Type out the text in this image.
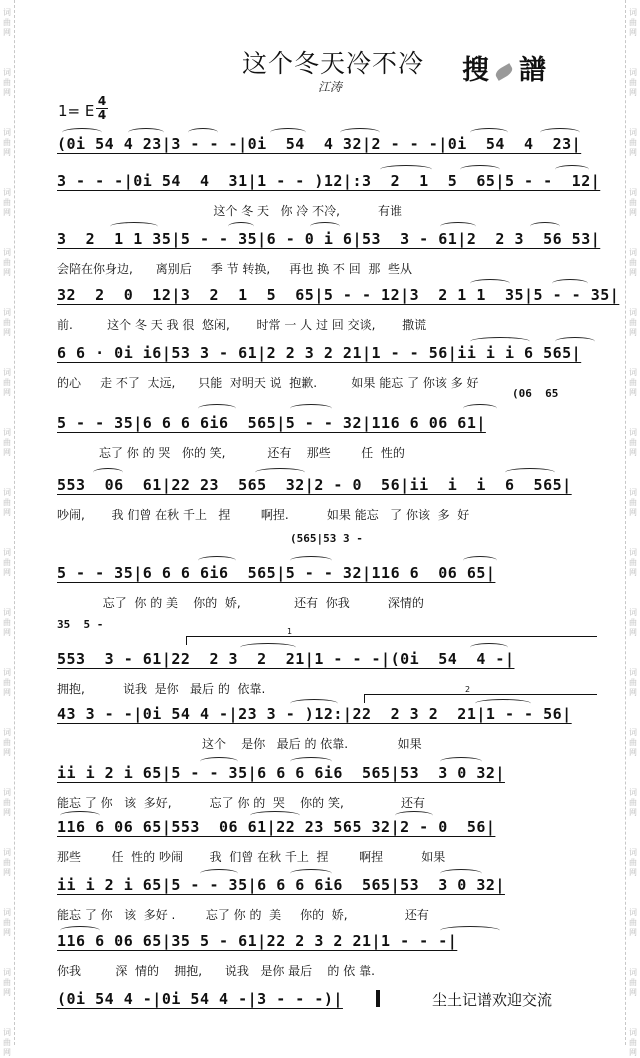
词
曲
网
词
曲
网
词
曲
网
词
曲
网
词
曲
网
词
曲
网
词
曲
网
词
曲
网
词
曲
网
词
曲
网
词
曲
网
词
曲
网
词
曲
网
词
曲
网
词
曲
网
词
曲
网
词
曲
网
词
曲
网
词
曲
网
词
曲
网
词
曲
网
词
曲
网
词
曲
网
词
曲
网
词
曲
网
词
曲
网
词
曲
网
词
曲
网
词
曲
网
词
曲
网
词
曲
网
词
曲
网
词
曲
网
词
曲
网
词
曲
网
词
曲
网
这个冬天冷不冷 搜 譜
江涛
1= E
4
4
(0i 54 4 23|3 - - -|0i  54  4 32|2 - - -|0i  54  4  23|
3 - - -|0i 54  4  31|1 - - )12|:3  2  1  5  65|5 - -  12|
这个 冬 天   你 冷 不冷,          有谁
3  2  1 1 35|5 - - 35|6 - 0 i 6|53  3 - 61|2  2 3  56 53|
会陪在你身边,      离别后     季 节 转换,     再也 换 不 回  那  些从
32  2  0  12|3  2  1  5  65|5 - - 12|3  2 1 1  35|5 - - 35|
前.         这个 冬 天 我 很  悠闲,       时常 一 人 过 回 交谈,       撒谎
6 6 · 0i i6|53 3 - 61|2 2 3 2 21|1 - - 56|ii i i 6 565|
的心     走 不了  太远,      只能  对明天 说  抱歉.         如果 能忘 了 你该 多 好
5 - - 35|6 6 6 6i6  565|5 - - 32|116 6 06 61|
忘了 你 的 哭   你的 笑,           还有    那些        任  性的
553  06  61|22 23  565  32|2 - 0  56|ii  i  i  6  565|
吵闹,       我 们曾 在秋 千上   捏        啊捏.          如果 能忘   了 你该  多  好
5 - - 35|6 6 6 6i6  565|5 - - 32|116 6  06 65|
忘了  你 的 美    你的  娇,              还有  你我          深情的
553  3 - 61|22  2 3  2  21|1 - - -|(0i  54  4 -|
拥抱,          说我  是你   最后 的  依靠.
43 3 - -|0i 54 4 -|23 3 - )12:|22  2 3 2  21|1 - - 56|
这个    是你   最后 的 依靠.             如果
ii i 2 i 65|5 - - 35|6 6 6 6i6  565|53  3 0 32|
能忘 了 你   该  多好,          忘了 你 的  哭    你的 笑,               还有
116 6 06 65|553  06 61|22 23 565 32|2 - 0  56|
那些        任  性的 吵闹       我  们曾 在秋 千上  捏        啊捏          如果
ii i 2 i 65|5 - - 35|6 6 6 6i6  565|53  3 0 32|
能忘 了 你   该  多好 .        忘了 你 的  美     你的  娇,               还有
116 6 06 65|35 5 - 61|22 2 3 2 21|1 - - -|
你我         深  情的    拥抱,      说我   是你 最后    的 依 靠.
(0i 54 4 -|0i 54 4 -|3 - - -)|
(06  65
(565|53 3 -
35  5 -
1
2
尘土记谱欢迎交流
